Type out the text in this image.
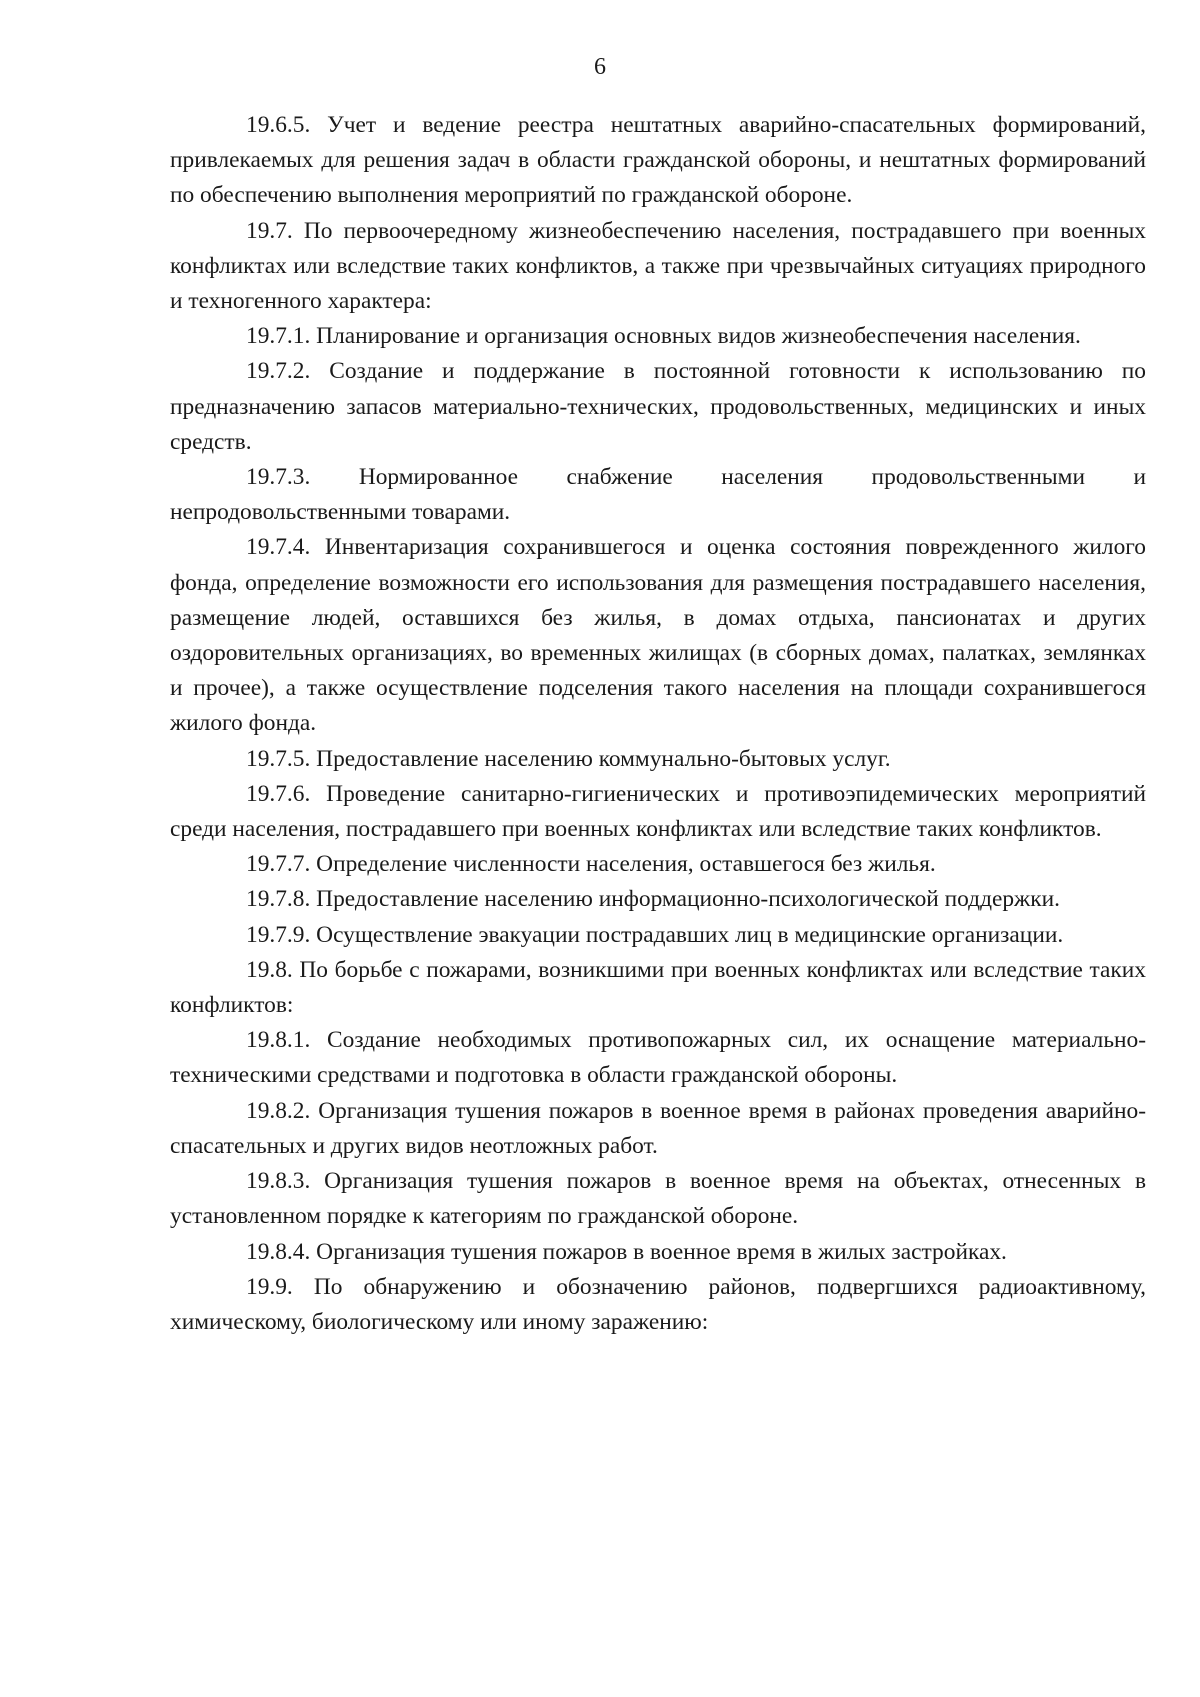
6

19.6.5. Учет и ведение реестра нештатных аварийно-спасательных формирований, привлекаемых для решения задач в области гражданской обороны, и нештатных формирований по обеспечению выполнения мероприятий по гражданской обороне.

19.7. По первоочередному жизнеобеспечению населения, пострадавшего при военных конфликтах или вследствие таких конфликтов, а также при чрезвычайных ситуациях природного и техногенного характера:

19.7.1. Планирование и организация основных видов жизнеобеспечения населения.

19.7.2. Создание и поддержание в постоянной готовности к использованию по предназначению запасов материально-технических, продовольственных, медицинских и иных средств.

19.7.3. Нормированное снабжение населения продовольственными и непродовольственными товарами.

19.7.4. Инвентаризация сохранившегося и оценка состояния поврежденного жилого фонда, определение возможности его использования для размещения пострадавшего населения, размещение людей, оставшихся без жилья, в домах отдыха, пансионатах и других оздоровительных организациях, во временных жилищах (в сборных домах, палатках, землянках и прочее), а также осуществление подселения такого населения на площади сохранившегося жилого фонда.

19.7.5. Предоставление населению коммунально-бытовых услуг.

19.7.6. Проведение санитарно-гигиенических и противоэпидемических мероприятий среди населения, пострадавшего при военных конфликтах или вследствие таких конфликтов.

19.7.7. Определение численности населения, оставшегося без жилья.

19.7.8. Предоставление населению информационно-психологической поддержки.

19.7.9. Осуществление эвакуации пострадавших лиц в медицинские организации.

19.8. По борьбе с пожарами, возникшими при военных конфликтах или вследствие таких конфликтов:

19.8.1. Создание необходимых противопожарных сил, их оснащение материально-техническими средствами и подготовка в области гражданской обороны.

19.8.2. Организация тушения пожаров в военное время в районах проведения аварийно-спасательных и других видов неотложных работ.

19.8.3. Организация тушения пожаров в военное время на объектах, отнесенных в установленном порядке к категориям по гражданской обороне.

19.8.4. Организация тушения пожаров в военное время в жилых застройках.

19.9. По обнаружению и обозначению районов, подвергшихся радиоактивному, химическому, биологическому или иному заражению:
